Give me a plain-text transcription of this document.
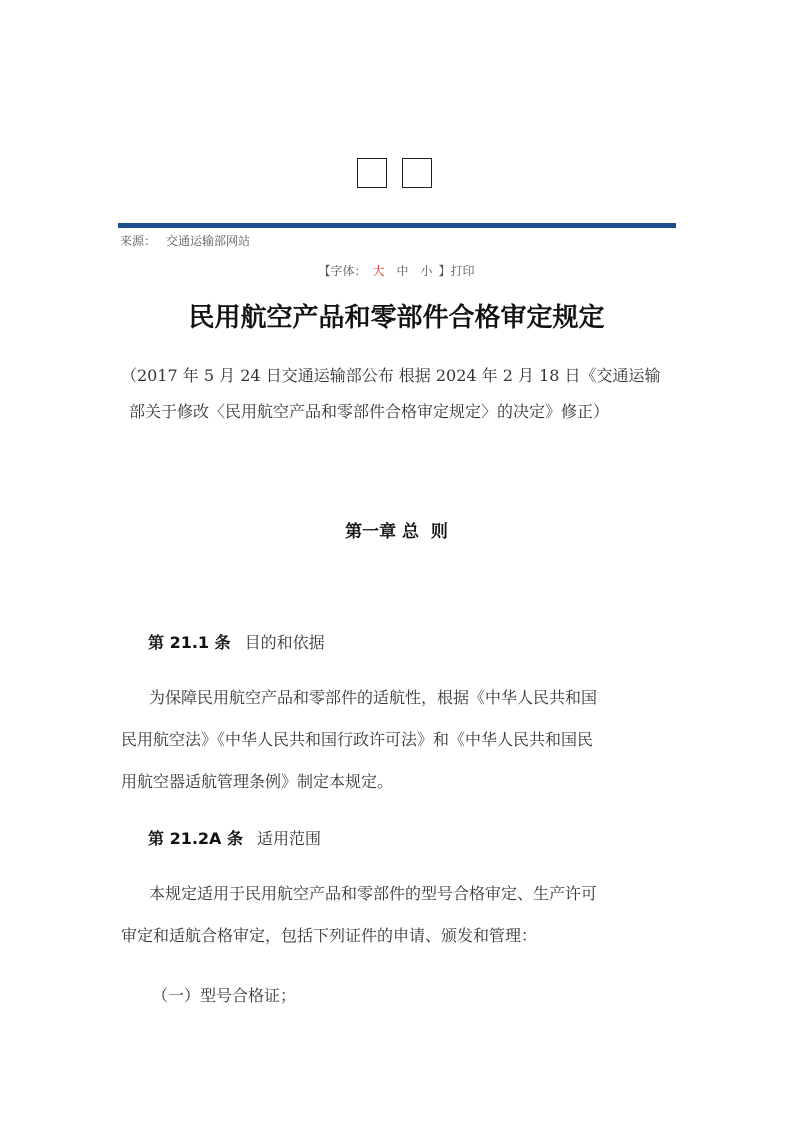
来源： 交通运输部网站
【字体： 大 中 小 】打印
民用航空产品和零部件合格审定规定

（2017 年 5 月 24 日交通运输部公布 根据 2024 年 2 月 18 日《交通运输

部关于修改〈民用航空产品和零部件合格审定规定〉的决定》修正）

第一章 总  则
第 21.1 条 目的和依据
为保障民用航空产品和零部件的适航性，根据《中华人民共和国
民用航空法》《中华人民共和国行政许可法》和《中华人民共和国民
用航空器适航管理条例》制定本规定。
第 21.2A 条 适用范围
本规定适用于民用航空产品和零部件的型号合格审定、生产许可
审定和适航合格审定，包括下列证件的申请、颁发和管理：
（一）型号合格证；
